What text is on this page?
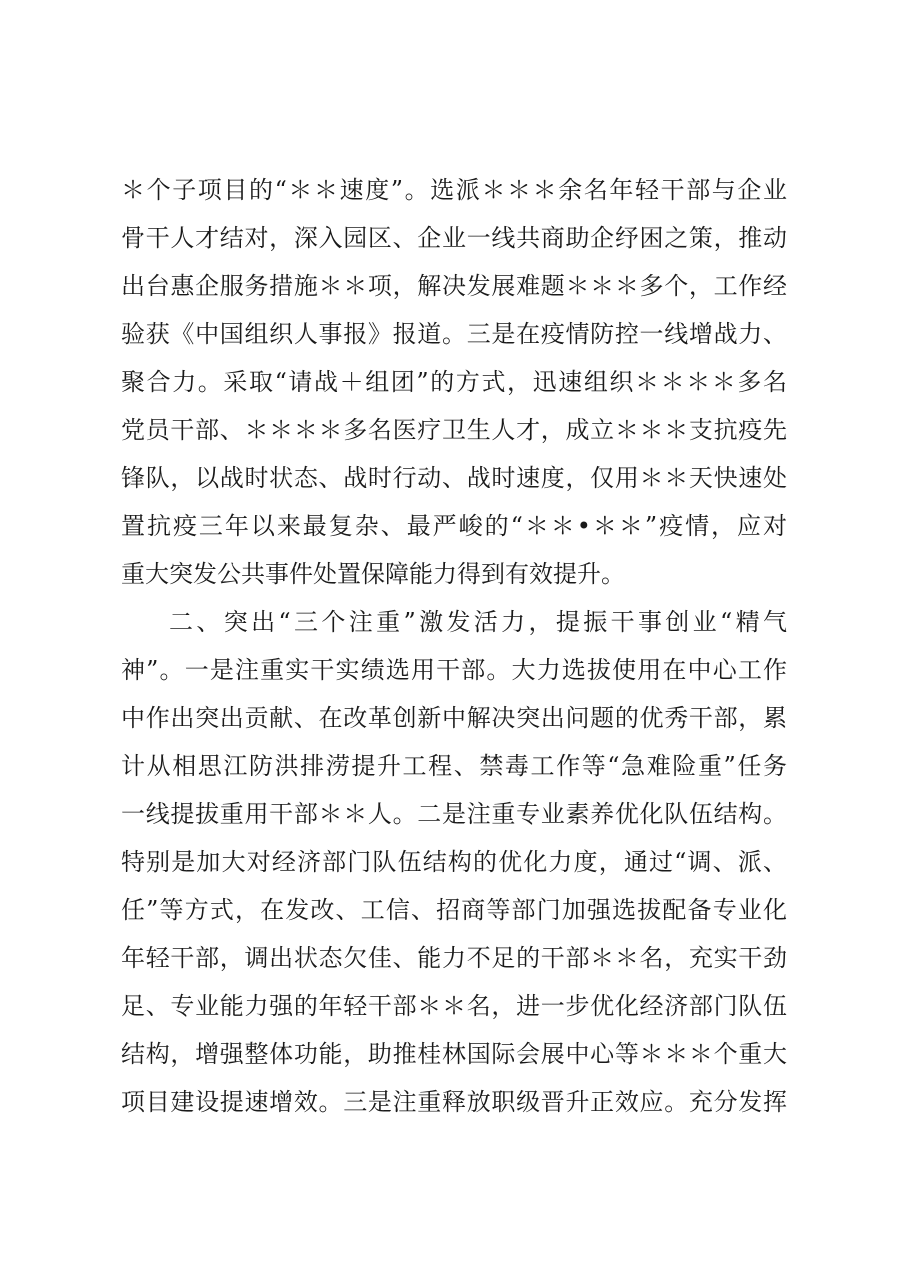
＊个子项目的“＊＊速度”。选派＊＊＊余名年轻干部与企业
骨干人才结对，深入园区、企业一线共商助企纾困之策，推动
出台惠企服务措施＊＊项，解决发展难题＊＊＊多个，工作经
验获《中国组织人事报》报道。三是在疫情防控一线增战力、
聚合力。采取“请战＋组团”的方式，迅速组织＊＊＊＊多名
党员干部、＊＊＊＊多名医疗卫生人才，成立＊＊＊支抗疫先
锋队，以战时状态、战时行动、战时速度，仅用＊＊天快速处
置抗疫三年以来最复杂、最严峻的“＊＊•＊＊”疫情，应对
重大突发公共事件处置保障能力得到有效提升。
二、突出“三个注重”激发活力，提振干事创业“精气
神”。一是注重实干实绩选用干部。大力选拔使用在中心工作
中作出突出贡献、在改革创新中解决突出问题的优秀干部，累
计从相思江防洪排涝提升工程、禁毒工作等“急难险重”任务
一线提拔重用干部＊＊人。二是注重专业素养优化队伍结构。
特别是加大对经济部门队伍结构的优化力度，通过“调、派、
任”等方式，在发改、工信、招商等部门加强选拔配备专业化
年轻干部，调出状态欠佳、能力不足的干部＊＊名，充实干劲
足、专业能力强的年轻干部＊＊名，进一步优化经济部门队伍
结构，增强整体功能，助推桂林国际会展中心等＊＊＊个重大
项目建设提速增效。三是注重释放职级晋升正效应。充分发挥
